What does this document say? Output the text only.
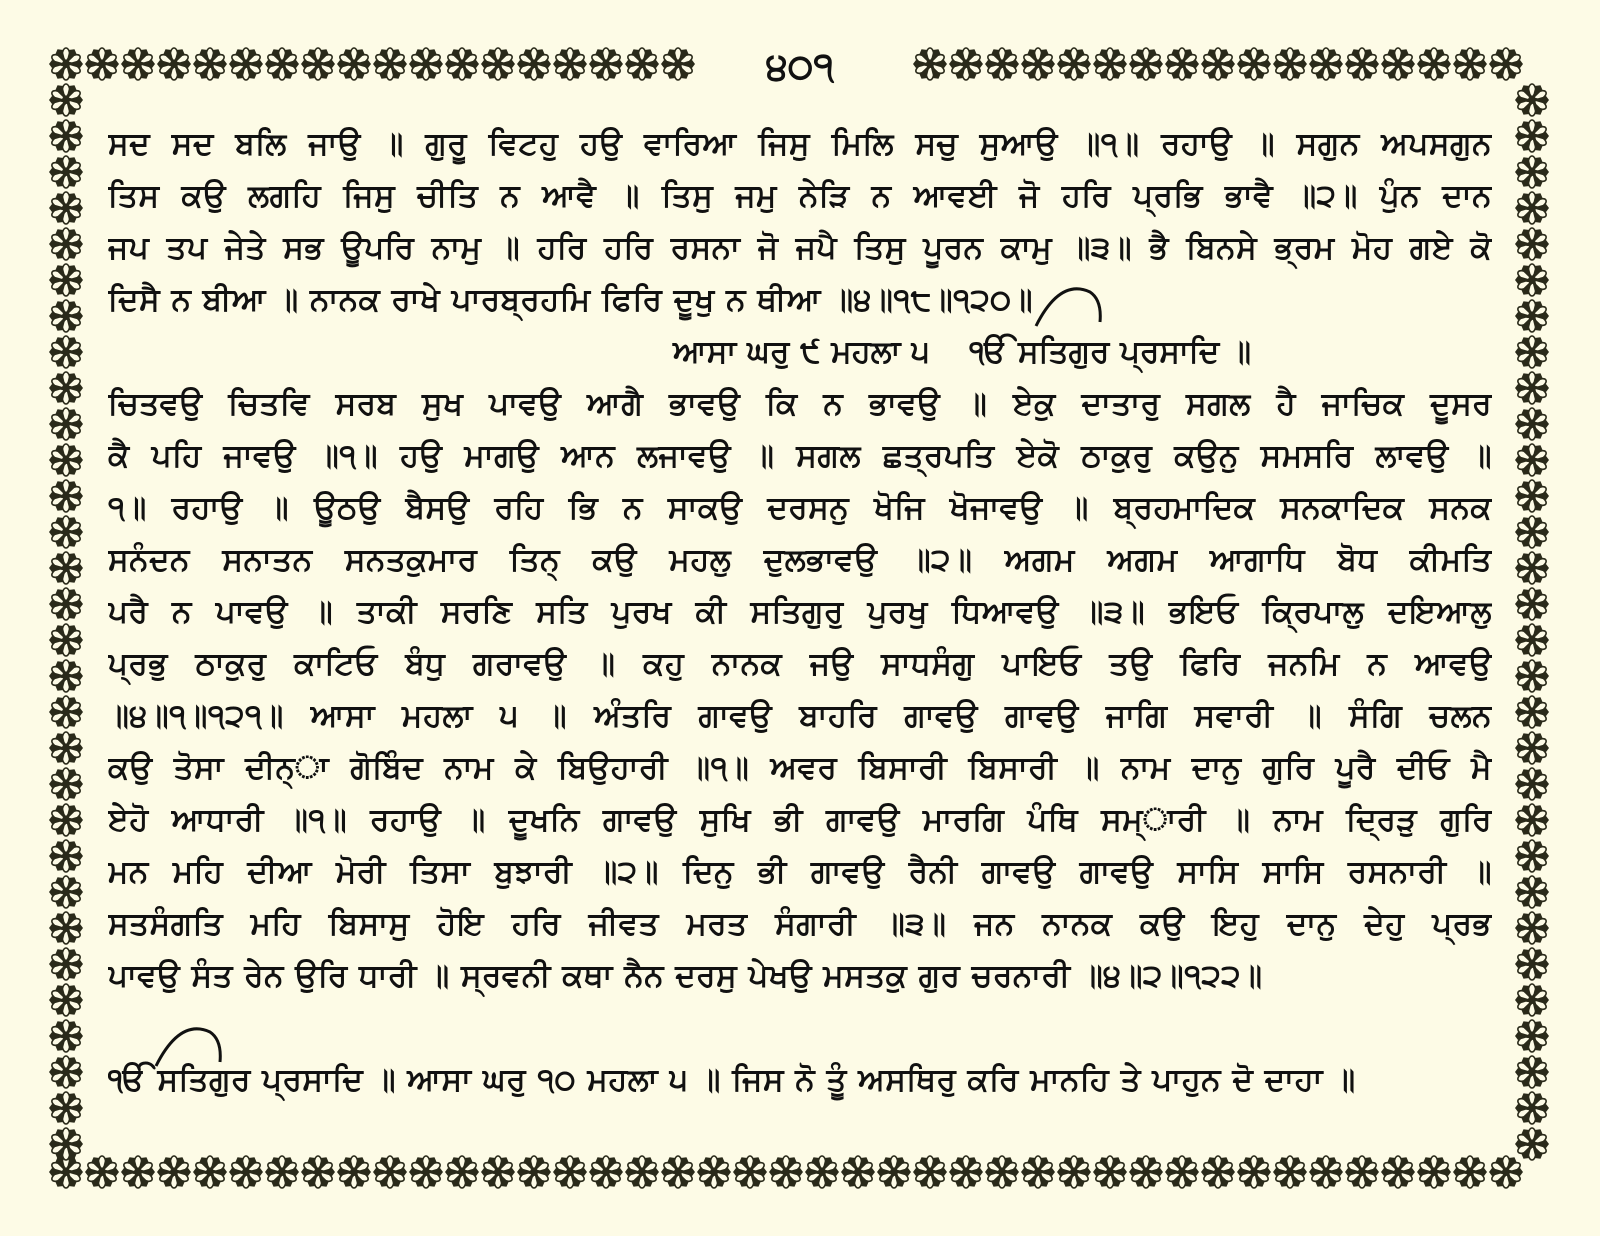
੪੦੧
ਸਦ ਸਦ ਬਲਿ ਜਾਉ ॥ ਗੁਰੂ ਵਿਟਹੁ ਹਉ ਵਾਰਿਆ ਜਿਸੁ ਮਿਲਿ ਸਚੁ ਸੁਆਉ ॥੧॥ ਰਹਾਉ ॥ ਸਗੁਨ ਅਪਸਗੁਨ
ਤਿਸ ਕਉ ਲਗਹਿ ਜਿਸੁ ਚੀਤਿ ਨ ਆਵੈ ॥ ਤਿਸੁ ਜਮੁ ਨੇੜਿ ਨ ਆਵਈ ਜੋ ਹਰਿ ਪ੍ਰਭਿ ਭਾਵੈ ॥੨॥ ਪੁੰਨ ਦਾਨ
ਜਪ ਤਪ ਜੇਤੇ ਸਭ ਊਪਰਿ ਨਾਮੁ ॥ ਹਰਿ ਹਰਿ ਰਸਨਾ ਜੋ ਜਪੈ ਤਿਸੁ ਪੂਰਨ ਕਾਮੁ ॥੩॥ ਭੈ ਬਿਨਸੇ ਭ੍ਰਮ ਮੋਹ ਗਏ ਕੋ
ਦਿਸੈ ਨ ਬੀਆ ॥ ਨਾਨਕ ਰਾਖੇ ਪਾਰਬ੍ਰਹਮਿ ਫਿਰਿ ਦੂਖੁ ਨ ਥੀਆ ॥੪॥੧੮॥੧੨੦॥
ਆਸਾ ਘਰੁ ੯ ਮਹਲਾ ੫ ੴ ਸਤਿਗੁਰ ਪ੍ਰਸਾਦਿ ॥
ਚਿਤਵਉ ਚਿਤਵਿ ਸਰਬ ਸੁਖ ਪਾਵਉ ਆਗੈ ਭਾਵਉ ਕਿ ਨ ਭਾਵਉ ॥ ਏਕੁ ਦਾਤਾਰੁ ਸਗਲ ਹੈ ਜਾਚਿਕ ਦੂਸਰ
ਕੈ ਪਹਿ ਜਾਵਉ ॥੧॥ ਹਉ ਮਾਗਉ ਆਨ ਲਜਾਵਉ ॥ ਸਗਲ ਛਤ੍ਰਪਤਿ ਏਕੋ ਠਾਕੁਰੁ ਕਉਨੁ ਸਮਸਰਿ ਲਾਵਉ ॥
੧॥ ਰਹਾਉ ॥ ਊਠਉ ਬੈਸਉ ਰਹਿ ਭਿ ਨ ਸਾਕਉ ਦਰਸਨੁ ਖੋਜਿ ਖੋਜਾਵਉ ॥ ਬ੍ਰਹਮਾਦਿਕ ਸਨਕਾਦਿਕ ਸਨਕ
ਸਨੰਦਨ ਸਨਾਤਨ ਸਨਤਕੁਮਾਰ ਤਿਨ੍ ਕਉ ਮਹਲੁ ਦੁਲਭਾਵਉ ॥੨॥ ਅਗਮ ਅਗਮ ਆਗਾਧਿ ਬੋਧ ਕੀਮਤਿ
ਪਰੈ ਨ ਪਾਵਉ ॥ ਤਾਕੀ ਸਰਣਿ ਸਤਿ ਪੁਰਖ ਕੀ ਸਤਿਗੁਰੁ ਪੁਰਖੁ ਧਿਆਵਉ ॥੩॥ ਭਇਓ ਕ੍ਰਿਪਾਲੁ ਦਇਆਲੁ
ਪ੍ਰਭੁ ਠਾਕੁਰੁ ਕਾਟਿਓ ਬੰਧੁ ਗਰਾਵਉ ॥ ਕਹੁ ਨਾਨਕ ਜਉ ਸਾਧਸੰਗੁ ਪਾਇਓ ਤਉ ਫਿਰਿ ਜਨਮਿ ਨ ਆਵਉ
॥੪॥੧॥੧੨੧॥ ਆਸਾ ਮਹਲਾ ੫ ॥ ਅੰਤਰਿ ਗਾਵਉ ਬਾਹਰਿ ਗਾਵਉ ਗਾਵਉ ਜਾਗਿ ਸਵਾਰੀ ॥ ਸੰਗਿ ਚਲਨ
ਕਉ ਤੋਸਾ ਦੀਨ੍ਾ ਗੋਬਿੰਦ ਨਾਮ ਕੇ ਬਿਉਹਾਰੀ ॥੧॥ ਅਵਰ ਬਿਸਾਰੀ ਬਿਸਾਰੀ ॥ ਨਾਮ ਦਾਨੁ ਗੁਰਿ ਪੂਰੈ ਦੀਓ ਮੈ
ਏਹੋ ਆਧਾਰੀ ॥੧॥ ਰਹਾਉ ॥ ਦੂਖਨਿ ਗਾਵਉ ਸੁਖਿ ਭੀ ਗਾਵਉ ਮਾਰਗਿ ਪੰਥਿ ਸਮ੍ਾਰੀ ॥ ਨਾਮ ਦ੍ਰਿੜੁ ਗੁਰਿ
ਮਨ ਮਹਿ ਦੀਆ ਮੋਰੀ ਤਿਸਾ ਬੁਝਾਰੀ ॥੨॥ ਦਿਨੁ ਭੀ ਗਾਵਉ ਰੈਨੀ ਗਾਵਉ ਗਾਵਉ ਸਾਸਿ ਸਾਸਿ ਰਸਨਾਰੀ ॥
ਸਤਸੰਗਤਿ ਮਹਿ ਬਿਸਾਸੁ ਹੋਇ ਹਰਿ ਜੀਵਤ ਮਰਤ ਸੰਗਾਰੀ ॥੩॥ ਜਨ ਨਾਨਕ ਕਉ ਇਹੁ ਦਾਨੁ ਦੇਹੁ ਪ੍ਰਭ
ਪਾਵਉ ਸੰਤ ਰੇਨ ਉਰਿ ਧਾਰੀ ॥ ਸ੍ਰਵਨੀ ਕਥਾ ਨੈਨ ਦਰਸੁ ਪੇਖਉ ਮਸਤਕੁ ਗੁਰ ਚਰਨਾਰੀ ॥੪॥੨॥੧੨੨॥
ੴ ਸਤਿਗੁਰ ਪ੍ਰਸਾਦਿ ॥ ਆਸਾ ਘਰੁ ੧੦ ਮਹਲਾ ੫ ॥ ਜਿਸ ਨੋ ਤੂੰ ਅਸਥਿਰੁ ਕਰਿ ਮਾਨਹਿ ਤੇ ਪਾਹੁਨ ਦੋ ਦਾਹਾ ॥
